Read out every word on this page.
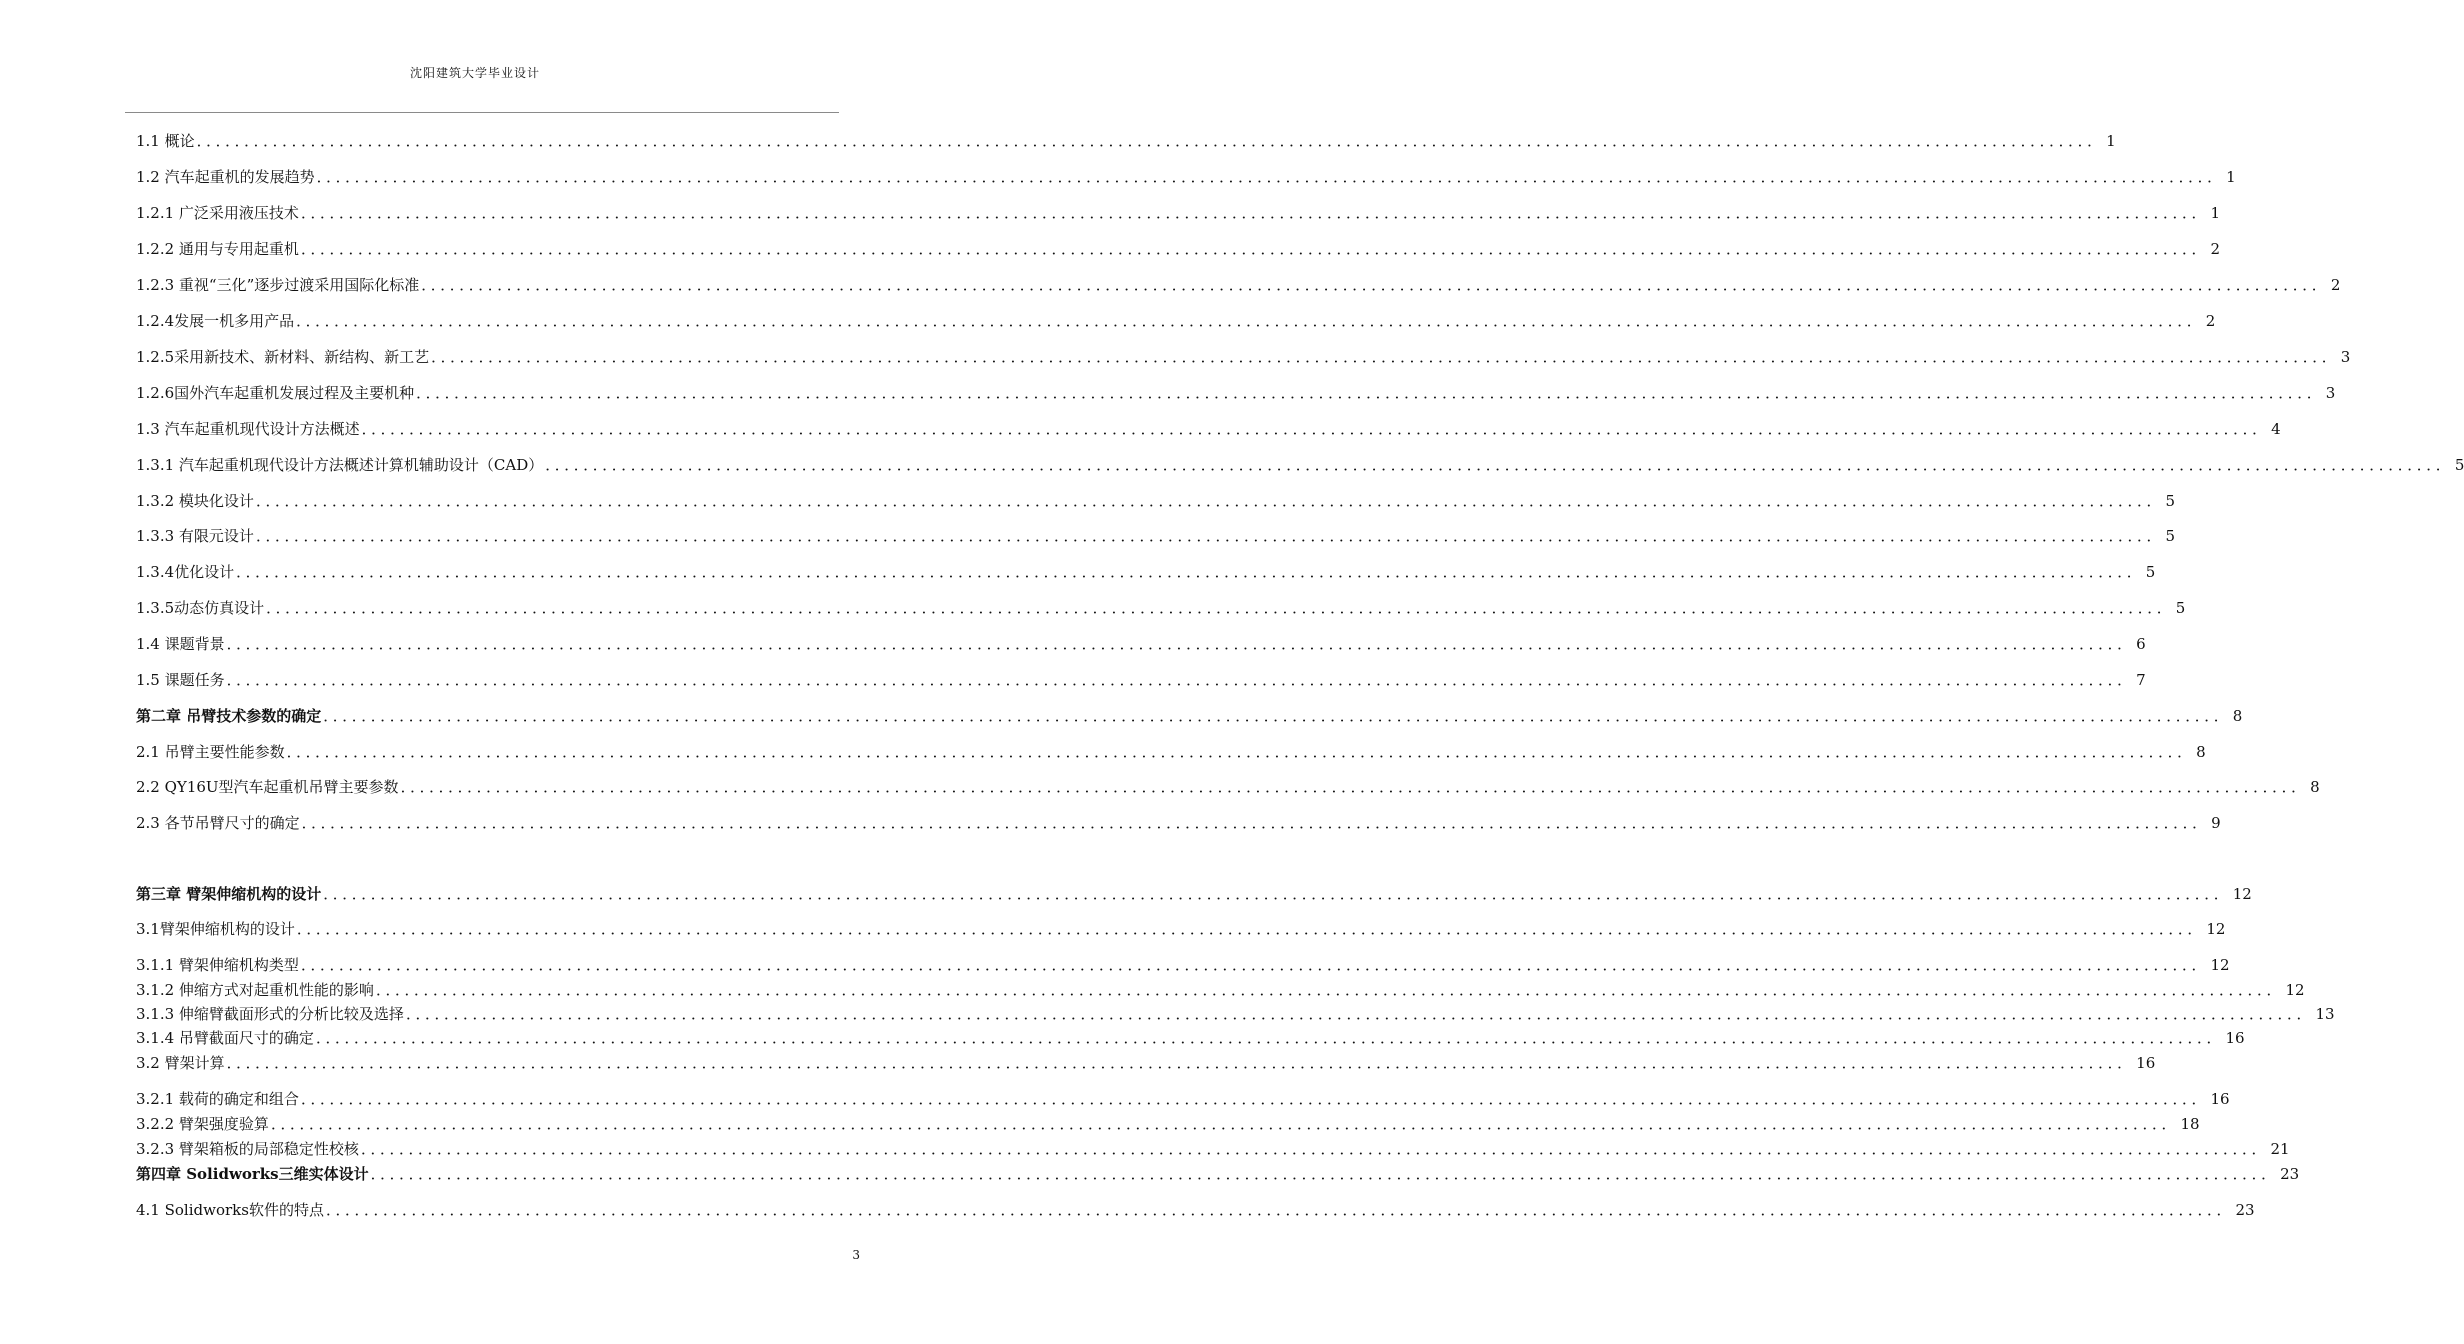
沈阳建筑大学毕业设计
1.1 概论 ．．．．．．．．．．．．．．．．．．．．．．．．．．．．．．．．．．．．．．．．．．．．．．．．．．．．．．．．．．．．．．．．．．．．．．．．．．．．．．．．．．．．．．．．．．．．．．．．．．．．．．．．．．．．．．．．．．．．．．．．．．．．．．．．．．．．．．．．．．．．．．．．．．．．．．．．．．．．．．．．．．．．．．．．．．．．．．．．．．．．．．．．．．．．．．．．．．．．．．．． 1
1.2 汽车起重机的发展趋势 ．．．．．．．．．．．．．．．．．．．．．．．．．．．．．．．．．．．．．．．．．．．．．．．．．．．．．．．．．．．．．．．．．．．．．．．．．．．．．．．．．．．．．．．．．．．．．．．．．．．．．．．．．．．．．．．．．．．．．．．．．．．．．．．．．．．．．．．．．．．．．．．．．．．．．．．．．．．．．．．．．．．．．．．．．．．．．．．．．．．．．．．．．．．．．．．．．．．．．．．． 1
1.2.1 广泛采用液压技术 ．．．．．．．．．．．．．．．．．．．．．．．．．．．．．．．．．．．．．．．．．．．．．．．．．．．．．．．．．．．．．．．．．．．．．．．．．．．．．．．．．．．．．．．．．．．．．．．．．．．．．．．．．．．．．．．．．．．．．．．．．．．．．．．．．．．．．．．．．．．．．．．．．．．．．．．．．．．．．．．．．．．．．．．．．．．．．．．．．．．．．．．．．．．．．．．．．．．．．．．． 1
1.2.2 通用与专用起重机 ．．．．．．．．．．．．．．．．．．．．．．．．．．．．．．．．．．．．．．．．．．．．．．．．．．．．．．．．．．．．．．．．．．．．．．．．．．．．．．．．．．．．．．．．．．．．．．．．．．．．．．．．．．．．．．．．．．．．．．．．．．．．．．．．．．．．．．．．．．．．．．．．．．．．．．．．．．．．．．．．．．．．．．．．．．．．．．．．．．．．．．．．．．．．．．．．．．．．．．．． 2
1.2.3 重视“三化”逐步过渡采用国际化标准 ．．．．．．．．．．．．．．．．．．．．．．．．．．．．．．．．．．．．．．．．．．．．．．．．．．．．．．．．．．．．．．．．．．．．．．．．．．．．．．．．．．．．．．．．．．．．．．．．．．．．．．．．．．．．．．．．．．．．．．．．．．．．．．．．．．．．．．．．．．．．．．．．．．．．．．．．．．．．．．．．．．．．．．．．．．．．．．．．．．．．．．．．．．．．．．．．．．．．．．．． 2
1.2.4发展一机多用产品 ．．．．．．．．．．．．．．．．．．．．．．．．．．．．．．．．．．．．．．．．．．．．．．．．．．．．．．．．．．．．．．．．．．．．．．．．．．．．．．．．．．．．．．．．．．．．．．．．．．．．．．．．．．．．．．．．．．．．．．．．．．．．．．．．．．．．．．．．．．．．．．．．．．．．．．．．．．．．．．．．．．．．．．．．．．．．．．．．．．．．．．．．．．．．．．．．．．．．．．．． 2
1.2.5采用新技术、新材料、新结构、新工艺 ．．．．．．．．．．．．．．．．．．．．．．．．．．．．．．．．．．．．．．．．．．．．．．．．．．．．．．．．．．．．．．．．．．．．．．．．．．．．．．．．．．．．．．．．．．．．．．．．．．．．．．．．．．．．．．．．．．．．．．．．．．．．．．．．．．．．．．．．．．．．．．．．．．．．．．．．．．．．．．．．．．．．．．．．．．．．．．．．．．．．．．．．．．．．．．．．．．．．．．．． 3
1.2.6国外汽车起重机发展过程及主要机种 ．．．．．．．．．．．．．．．．．．．．．．．．．．．．．．．．．．．．．．．．．．．．．．．．．．．．．．．．．．．．．．．．．．．．．．．．．．．．．．．．．．．．．．．．．．．．．．．．．．．．．．．．．．．．．．．．．．．．．．．．．．．．．．．．．．．．．．．．．．．．．．．．．．．．．．．．．．．．．．．．．．．．．．．．．．．．．．．．．．．．．．．．．．．．．．．．．．．．．．．． 3
1.3 汽车起重机现代设计方法概述 ．．．．．．．．．．．．．．．．．．．．．．．．．．．．．．．．．．．．．．．．．．．．．．．．．．．．．．．．．．．．．．．．．．．．．．．．．．．．．．．．．．．．．．．．．．．．．．．．．．．．．．．．．．．．．．．．．．．．．．．．．．．．．．．．．．．．．．．．．．．．．．．．．．．．．．．．．．．．．．．．．．．．．．．．．．．．．．．．．．．．．．．．．．．．．．．．．．．．．．．． 4
1.3.1 汽车起重机现代设计方法概述计算机辅助设计（CAD） ．．．．．．．．．．．．．．．．．．．．．．．．．．．．．．．．．．．．．．．．．．．．．．．．．．．．．．．．．．．．．．．．．．．．．．．．．．．．．．．．．．．．．．．．．．．．．．．．．．．．．．．．．．．．．．．．．．．．．．．．．．．．．．．．．．．．．．．．．．．．．．．．．．．．．．．．．．．．．．．．．．．．．．．．．．．．．．．．．．．．．．．．．．．．．．．．．．．．．．．． 5
1.3.2 模块化设计 ．．．．．．．．．．．．．．．．．．．．．．．．．．．．．．．．．．．．．．．．．．．．．．．．．．．．．．．．．．．．．．．．．．．．．．．．．．．．．．．．．．．．．．．．．．．．．．．．．．．．．．．．．．．．．．．．．．．．．．．．．．．．．．．．．．．．．．．．．．．．．．．．．．．．．．．．．．．．．．．．．．．．．．．．．．．．．．．．．．．．．．．．．．．．．．．．．．．．．．．． 5
1.3.3 有限元设计 ．．．．．．．．．．．．．．．．．．．．．．．．．．．．．．．．．．．．．．．．．．．．．．．．．．．．．．．．．．．．．．．．．．．．．．．．．．．．．．．．．．．．．．．．．．．．．．．．．．．．．．．．．．．．．．．．．．．．．．．．．．．．．．．．．．．．．．．．．．．．．．．．．．．．．．．．．．．．．．．．．．．．．．．．．．．．．．．．．．．．．．．．．．．．．．．．．．．．．．．． 5
1.3.4优化设计 ．．．．．．．．．．．．．．．．．．．．．．．．．．．．．．．．．．．．．．．．．．．．．．．．．．．．．．．．．．．．．．．．．．．．．．．．．．．．．．．．．．．．．．．．．．．．．．．．．．．．．．．．．．．．．．．．．．．．．．．．．．．．．．．．．．．．．．．．．．．．．．．．．．．．．．．．．．．．．．．．．．．．．．．．．．．．．．．．．．．．．．．．．．．．．．．．．．．．．．．． 5
1.3.5动态仿真设计 ．．．．．．．．．．．．．．．．．．．．．．．．．．．．．．．．．．．．．．．．．．．．．．．．．．．．．．．．．．．．．．．．．．．．．．．．．．．．．．．．．．．．．．．．．．．．．．．．．．．．．．．．．．．．．．．．．．．．．．．．．．．．．．．．．．．．．．．．．．．．．．．．．．．．．．．．．．．．．．．．．．．．．．．．．．．．．．．．．．．．．．．．．．．．．．．．．．．．．．．． 5
1.4 课题背景 ．．．．．．．．．．．．．．．．．．．．．．．．．．．．．．．．．．．．．．．．．．．．．．．．．．．．．．．．．．．．．．．．．．．．．．．．．．．．．．．．．．．．．．．．．．．．．．．．．．．．．．．．．．．．．．．．．．．．．．．．．．．．．．．．．．．．．．．．．．．．．．．．．．．．．．．．．．．．．．．．．．．．．．．．．．．．．．．．．．．．．．．．．．．．．．．．．．．．．．．． 6
1.5 课题任务 ．．．．．．．．．．．．．．．．．．．．．．．．．．．．．．．．．．．．．．．．．．．．．．．．．．．．．．．．．．．．．．．．．．．．．．．．．．．．．．．．．．．．．．．．．．．．．．．．．．．．．．．．．．．．．．．．．．．．．．．．．．．．．．．．．．．．．．．．．．．．．．．．．．．．．．．．．．．．．．．．．．．．．．．．．．．．．．．．．．．．．．．．．．．．．．．．．．．．．．．． 7
第二章 吊臂技术参数的确定 ．．．．．．．．．．．．．．．．．．．．．．．．．．．．．．．．．．．．．．．．．．．．．．．．．．．．．．．．．．．．．．．．．．．．．．．．．．．．．．．．．．．．．．．．．．．．．．．．．．．．．．．．．．．．．．．．．．．．．．．．．．．．．．．．．．．．．．．．．．．．．．．．．．．．．．．．．．．．．．．．．．．．．．．．．．．．．．．．．．．．．．．．．．．．．．．．．．．．．．．． 8
2.1 吊臂主要性能参数 ．．．．．．．．．．．．．．．．．．．．．．．．．．．．．．．．．．．．．．．．．．．．．．．．．．．．．．．．．．．．．．．．．．．．．．．．．．．．．．．．．．．．．．．．．．．．．．．．．．．．．．．．．．．．．．．．．．．．．．．．．．．．．．．．．．．．．．．．．．．．．．．．．．．．．．．．．．．．．．．．．．．．．．．．．．．．．．．．．．．．．．．．．．．．．．．．．．．．．．．． 8
2.2 QY16U型汽车起重机吊臂主要参数 ．．．．．．．．．．．．．．．．．．．．．．．．．．．．．．．．．．．．．．．．．．．．．．．．．．．．．．．．．．．．．．．．．．．．．．．．．．．．．．．．．．．．．．．．．．．．．．．．．．．．．．．．．．．．．．．．．．．．．．．．．．．．．．．．．．．．．．．．．．．．．．．．．．．．．．．．．．．．．．．．．．．．．．．．．．．．．．．．．．．．．．．．．．．．．．．．．．．．．．．． 8
2.3 各节吊臂尺寸的确定 ．．．．．．．．．．．．．．．．．．．．．．．．．．．．．．．．．．．．．．．．．．．．．．．．．．．．．．．．．．．．．．．．．．．．．．．．．．．．．．．．．．．．．．．．．．．．．．．．．．．．．．．．．．．．．．．．．．．．．．．．．．．．．．．．．．．．．．．．．．．．．．．．．．．．．．．．．．．．．．．．．．．．．．．．．．．．．．．．．．．．．．．．．．．．．．．．．．．．．．．． 9
第三章 臂架伸缩机构的设计 ．．．．．．．．．．．．．．．．．．．．．．．．．．．．．．．．．．．．．．．．．．．．．．．．．．．．．．．．．．．．．．．．．．．．．．．．．．．．．．．．．．．．．．．．．．．．．．．．．．．．．．．．．．．．．．．．．．．．．．．．．．．．．．．．．．．．．．．．．．．．．．．．．．．．．．．．．．．．．．．．．．．．．．．．．．．．．．．．．．．．．．．．．．．．．．．．．．．．．．．． 12
3.1臂架伸缩机构的设计 ．．．．．．．．．．．．．．．．．．．．．．．．．．．．．．．．．．．．．．．．．．．．．．．．．．．．．．．．．．．．．．．．．．．．．．．．．．．．．．．．．．．．．．．．．．．．．．．．．．．．．．．．．．．．．．．．．．．．．．．．．．．．．．．．．．．．．．．．．．．．．．．．．．．．．．．．．．．．．．．．．．．．．．．．．．．．．．．．．．．．．．．．．．．．．．．．．．．．．．．． 12
3.1.1 臂架伸缩机构类型 ．．．．．．．．．．．．．．．．．．．．．．．．．．．．．．．．．．．．．．．．．．．．．．．．．．．．．．．．．．．．．．．．．．．．．．．．．．．．．．．．．．．．．．．．．．．．．．．．．．．．．．．．．．．．．．．．．．．．．．．．．．．．．．．．．．．．．．．．．．．．．．．．．．．．．．．．．．．．．．．．．．．．．．．．．．．．．．．．．．．．．．．．．．．．．．．．．．．．．．．． 12
3.1.2 伸缩方式对起重机性能的影响 ．．．．．．．．．．．．．．．．．．．．．．．．．．．．．．．．．．．．．．．．．．．．．．．．．．．．．．．．．．．．．．．．．．．．．．．．．．．．．．．．．．．．．．．．．．．．．．．．．．．．．．．．．．．．．．．．．．．．．．．．．．．．．．．．．．．．．．．．．．．．．．．．．．．．．．．．．．．．．．．．．．．．．．．．．．．．．．．．．．．．．．．．．．．．．．．．．．．．．．．． 12
3.1.3 伸缩臂截面形式的分析比较及选择 ．．．．．．．．．．．．．．．．．．．．．．．．．．．．．．．．．．．．．．．．．．．．．．．．．．．．．．．．．．．．．．．．．．．．．．．．．．．．．．．．．．．．．．．．．．．．．．．．．．．．．．．．．．．．．．．．．．．．．．．．．．．．．．．．．．．．．．．．．．．．．．．．．．．．．．．．．．．．．．．．．．．．．．．．．．．．．．．．．．．．．．．．．．．．．．．．．．．．．．．． 13
3.1.4 吊臂截面尺寸的确定 ．．．．．．．．．．．．．．．．．．．．．．．．．．．．．．．．．．．．．．．．．．．．．．．．．．．．．．．．．．．．．．．．．．．．．．．．．．．．．．．．．．．．．．．．．．．．．．．．．．．．．．．．．．．．．．．．．．．．．．．．．．．．．．．．．．．．．．．．．．．．．．．．．．．．．．．．．．．．．．．．．．．．．．．．．．．．．．．．．．．．．．．．．．．．．．．．．．．．．．．． 16
3.2 臂架计算 ．．．．．．．．．．．．．．．．．．．．．．．．．．．．．．．．．．．．．．．．．．．．．．．．．．．．．．．．．．．．．．．．．．．．．．．．．．．．．．．．．．．．．．．．．．．．．．．．．．．．．．．．．．．．．．．．．．．．．．．．．．．．．．．．．．．．．．．．．．．．．．．．．．．．．．．．．．．．．．．．．．．．．．．．．．．．．．．．．．．．．．．．．．．．．．．．．．．．．．．． 16
3.2.1 载荷的确定和组合 ．．．．．．．．．．．．．．．．．．．．．．．．．．．．．．．．．．．．．．．．．．．．．．．．．．．．．．．．．．．．．．．．．．．．．．．．．．．．．．．．．．．．．．．．．．．．．．．．．．．．．．．．．．．．．．．．．．．．．．．．．．．．．．．．．．．．．．．．．．．．．．．．．．．．．．．．．．．．．．．．．．．．．．．．．．．．．．．．．．．．．．．．．．．．．．．．．．．．．．．． 16
3.2.2 臂架强度验算 ．．．．．．．．．．．．．．．．．．．．．．．．．．．．．．．．．．．．．．．．．．．．．．．．．．．．．．．．．．．．．．．．．．．．．．．．．．．．．．．．．．．．．．．．．．．．．．．．．．．．．．．．．．．．．．．．．．．．．．．．．．．．．．．．．．．．．．．．．．．．．．．．．．．．．．．．．．．．．．．．．．．．．．．．．．．．．．．．．．．．．．．．．．．．．．．．．．．．．．．． 18
3.2.3 臂架箱板的局部稳定性校核 ．．．．．．．．．．．．．．．．．．．．．．．．．．．．．．．．．．．．．．．．．．．．．．．．．．．．．．．．．．．．．．．．．．．．．．．．．．．．．．．．．．．．．．．．．．．．．．．．．．．．．．．．．．．．．．．．．．．．．．．．．．．．．．．．．．．．．．．．．．．．．．．．．．．．．．．．．．．．．．．．．．．．．．．．．．．．．．．．．．．．．．．．．．．．．．．．．．．．．．．． 21
第四章 Solidworks三维实体设计 ．．．．．．．．．．．．．．．．．．．．．．．．．．．．．．．．．．．．．．．．．．．．．．．．．．．．．．．．．．．．．．．．．．．．．．．．．．．．．．．．．．．．．．．．．．．．．．．．．．．．．．．．．．．．．．．．．．．．．．．．．．．．．．．．．．．．．．．．．．．．．．．．．．．．．．．．．．．．．．．．．．．．．．．．．．．．．．．．．．．．．．．．．．．．．．．．．．．．．．．． 23
4.1 Solidworks软件的特点 ．．．．．．．．．．．．．．．．．．．．．．．．．．．．．．．．．．．．．．．．．．．．．．．．．．．．．．．．．．．．．．．．．．．．．．．．．．．．．．．．．．．．．．．．．．．．．．．．．．．．．．．．．．．．．．．．．．．．．．．．．．．．．．．．．．．．．．．．．．．．．．．．．．．．．．．．．．．．．．．．．．．．．．．．．．．．．．．．．．．．．．．．．．．．．．．．．．．．．．．． 23
3
